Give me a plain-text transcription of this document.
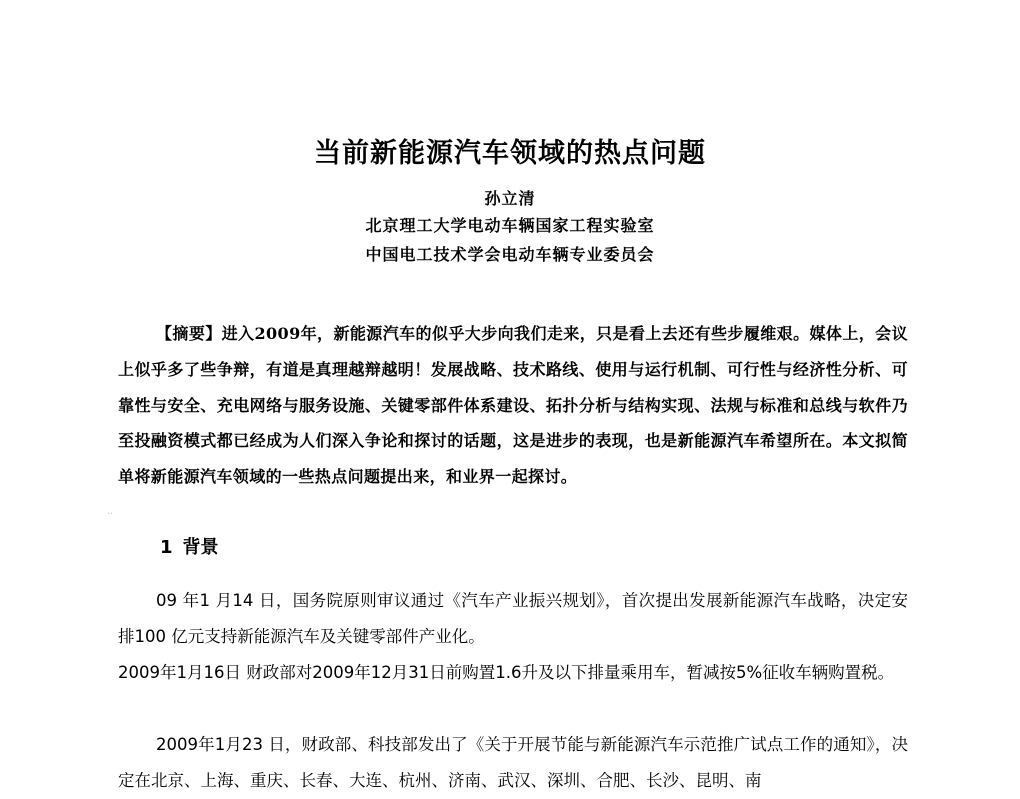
当前新能源汽车领域的热点问题
孙立清
北京理工大学电动车辆国家工程实验室
中国电工技术学会电动车辆专业委员会

【摘要】进入2009年，新能源汽车的似乎大步向我们走来，只是看上去还有些步履维艰。媒体上，会议上似乎多了些争辩，有道是真理越辩越明！发展战略、技术路线、使用与运行机制、可行性与经济性分析、可靠性与安全、充电网络与服务设施、关键零部件体系建设、拓扑分析与结构实现、法规与标准和总线与软件乃至投融资模式都已经成为人们深入争论和探讨的话题，这是进步的表现，也是新能源汽车希望所在。本文拟简单将新能源汽车领域的一些热点问题提出来，和业界一起探讨。

˙˙
1 背景

09 年1 月14 日，国务院原则审议通过《汽车产业振兴规划》，首次提出发展新能源汽车战略，决定安排100 亿元支持新能源汽车及关键零部件产业化。

2009年1月16日 财政部对2009年12月31日前购置1.6升及以下排量乘用车，暂减按5%征收车辆购置税。

2009年1月23 日，财政部、科技部发出了《关于开展节能与新能源汽车示范推广试点工作的通知》，决定在北京、上海、重庆、长春、大连、杭州、济南、武汉、深圳、合肥、长沙、昆明、南
